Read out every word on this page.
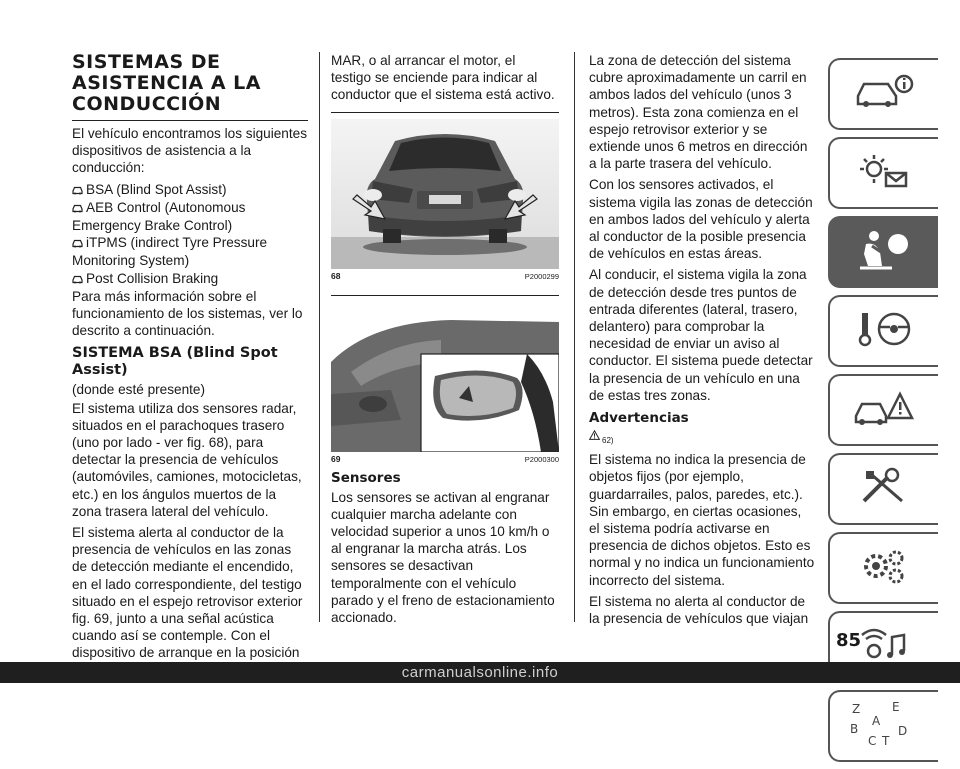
SISTEMAS DE ASISTENCIA A LA CONDUCCIÓN

El vehículo encontramos los siguientes dispositivos de asistencia a la conducción:

BSA (Blind Spot Assist)
AEB Control (Autonomous Emergency Brake Control)
iTPMS (indirect Tyre Pressure Monitoring System)
Post Collision Braking

Para más información sobre el funcionamiento de los sistemas, ver lo descrito a continuación.

SISTEMA BSA (Blind Spot Assist)

(donde esté presente)

El sistema utiliza dos sensores radar, situados en el parachoques trasero (uno por lado - ver fig. 68), para detectar la presencia de vehículos (automóviles, camiones, motocicletas, etc.) en los ángulos muertos de la zona trasera lateral del vehículo.

El sistema alerta al conductor de la presencia de vehículos en las zonas de detección mediante el encendido, en el lado correspondiente, del testigo situado en el espejo retrovisor exterior fig. 69, junto a una señal acústica cuando así se contemple. Con el dispositivo de arranque en la posición

MAR, o al arrancar el motor, el testigo se enciende para indicar al conductor que el sistema está activo.

68	P2000299
69	P2000300
Sensores

Los sensores se activan al engranar cualquier marcha adelante con velocidad superior a unos 10 km/h o al engranar la marcha atrás. Los sensores se desactivan temporalmente con el vehículo parado y el freno de estacionamiento accionado.

La zona de detección del sistema cubre aproximadamente un carril en ambos lados del vehículo (unos 3 metros). Esta zona comienza en el espejo retrovisor exterior y se extiende unos 6 metros en dirección a la parte trasera del vehículo.

Con los sensores activados, el sistema vigila las zonas de detección en ambos lados del vehículo y alerta al conductor de la posible presencia de vehículos en estas áreas.

Al conducir, el sistema vigila la zona de detección desde tres puntos de entrada diferentes (lateral, trasero, delantero) para comprobar la necesidad de enviar un aviso al conductor. El sistema puede detectar la presencia de un vehículo en una de estas tres zonas.

Advertencias
62)

El sistema no indica la presencia de objetos fijos (por ejemplo, guardarrailes, palos, paredes, etc.). Sin embargo, en ciertas ocasiones, el sistema podría activarse en presencia de dichos objetos. Esto es normal y no indica un funcionamiento incorrecto del sistema.

El sistema no alerta al conductor de la presencia de vehículos que viajan

Z	E
A
B	D
C T
85
carmanualsonline.info
